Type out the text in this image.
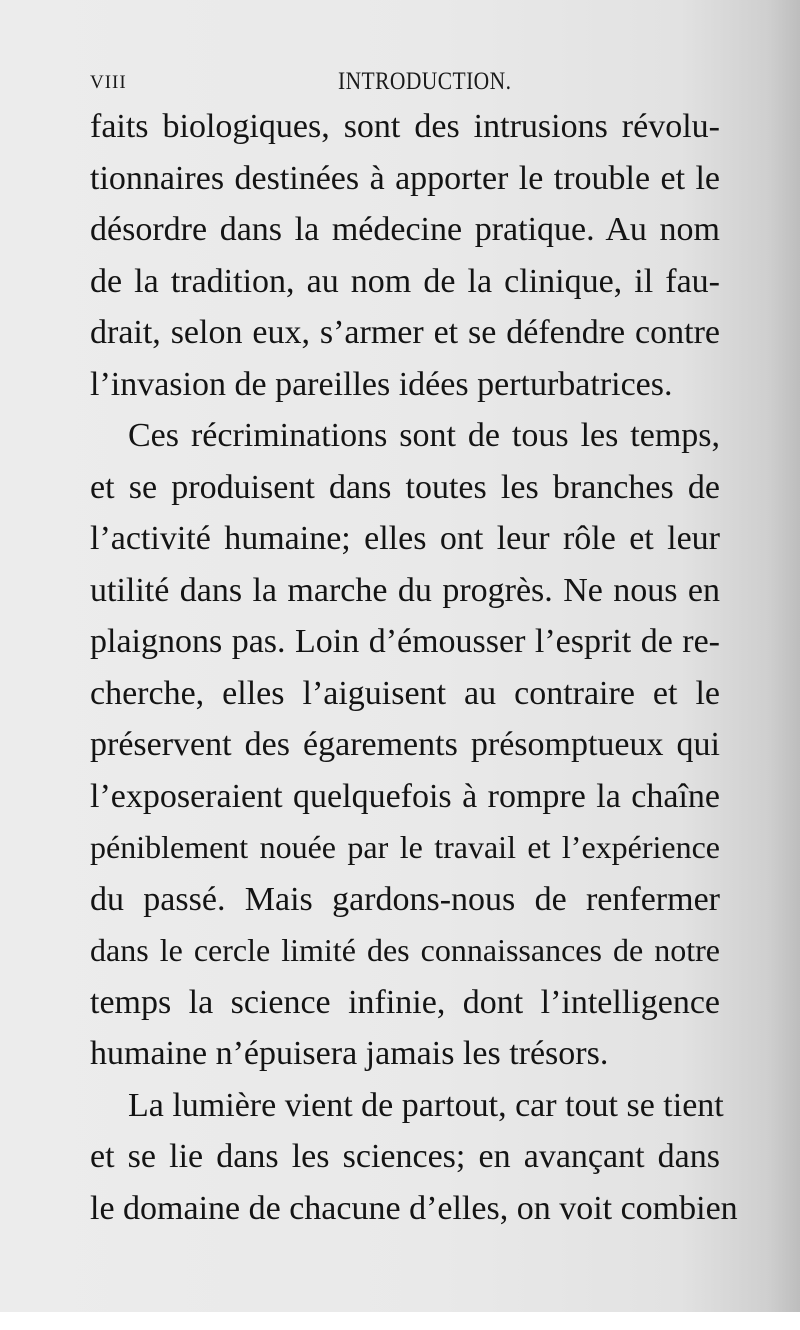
VIII	INTRODUCTION.
faits biologiques, sont des intrusions révolu-
tionnaires destinées à apporter le trouble et le
désordre dans la médecine pratique. Au nom
de la tradition, au nom de la clinique, il fau-
drait, selon eux, s’armer et se défendre contre
l’invasion de pareilles idées perturbatrices.
Ces récriminations sont de tous les temps,
et se produisent dans toutes les branches de
l’activité humaine; elles ont leur rôle et leur
utilité dans la marche du progrès. Ne nous en
plaignons pas. Loin d’émousser l’esprit de re-
cherche, elles l’aiguisent au contraire et le
préservent des égarements présomptueux qui
l’exposeraient quelquefois à rompre la chaîne
péniblement nouée par le travail et l’expérience
du passé. Mais gardons-nous de renfermer
dans le cercle limité des connaissances de notre
temps la science infinie, dont l’intelligence
humaine n’épuisera jamais les trésors.
La lumière vient de partout, car tout se tient
et se lie dans les sciences; en avançant dans
le domaine de chacune d’elles, on voit combien
